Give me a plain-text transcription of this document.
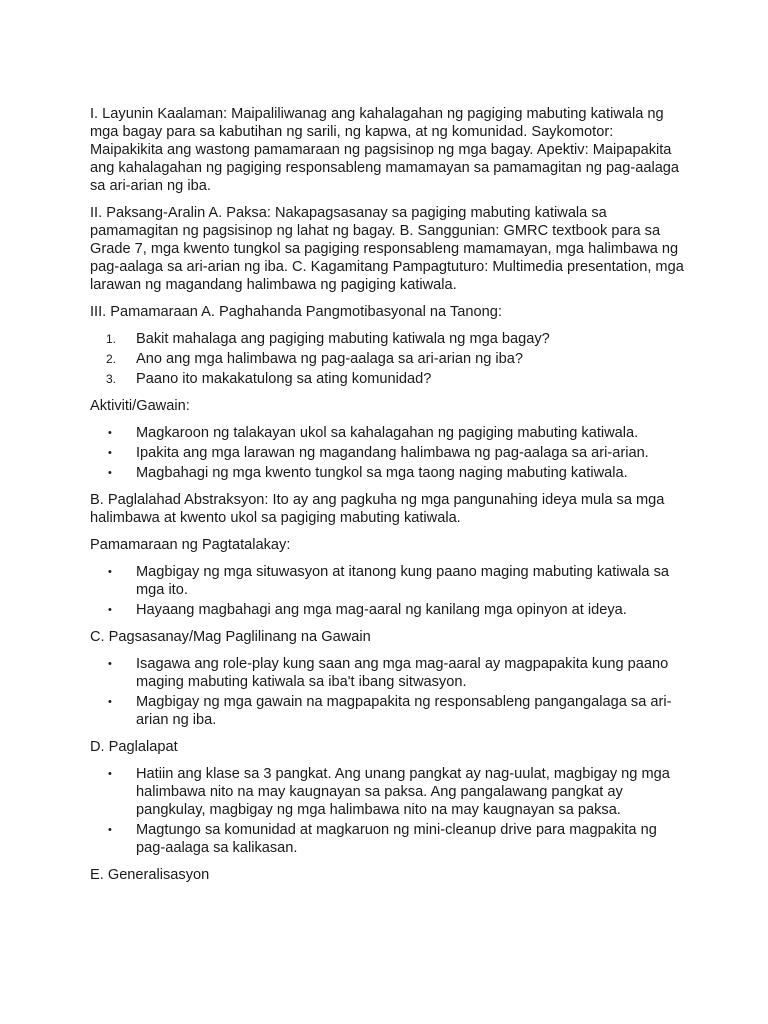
I. Layunin Kaalaman: Maipaliliwanag ang kahalagahan ng pagiging mabuting katiwala ng mga bagay para sa kabutihan ng sarili, ng kapwa, at ng komunidad. Saykomotor: Maipakikita ang wastong pamamaraan ng pagsisinop ng mga bagay. Apektiv: Maipapakita ang kahalagahan ng pagiging responsableng mamamayan sa pamamagitan ng pag-aalaga sa ari-arian ng iba.

II. Paksang-Aralin A. Paksa: Nakapagsasanay sa pagiging mabuting katiwala sa pamamagitan ng pagsisinop ng lahat ng bagay. B. Sanggunian: GMRC textbook para sa Grade 7, mga kwento tungkol sa pagiging responsableng mamamayan, mga halimbawa ng pag-aalaga sa ari-arian ng iba. C. Kagamitang Pampagtuturo: Multimedia presentation, mga larawan ng magandang halimbawa ng pagiging katiwala.

III. Pamamaraan A. Paghahanda Pangmotibasyonal na Tanong:

1. Bakit mahalaga ang pagiging mabuting katiwala ng mga bagay?
2. Ano ang mga halimbawa ng pag-aalaga sa ari-arian ng iba?
3. Paano ito makakatulong sa ating komunidad?

Aktiviti/Gawain:

• Magkaroon ng talakayan ukol sa kahalagahan ng pagiging mabuting katiwala.
• Ipakita ang mga larawan ng magandang halimbawa ng pag-aalaga sa ari-arian.
• Magbahagi ng mga kwento tungkol sa mga taong naging mabuting katiwala.

B. Paglalahad Abstraksyon: Ito ay ang pagkuha ng mga pangunahing ideya mula sa mga halimbawa at kwento ukol sa pagiging mabuting katiwala.

Pamamaraan ng Pagtatalakay:

• Magbigay ng mga situwasyon at itanong kung paano maging mabuting katiwala sa mga ito.
• Hayaang magbahagi ang mga mag-aaral ng kanilang mga opinyon at ideya.

C. Pagsasanay/Mag Paglilinang na Gawain

• Isagawa ang role-play kung saan ang mga mag-aaral ay magpapakita kung paano maging mabuting katiwala sa iba't ibang sitwasyon.
• Magbigay ng mga gawain na magpapakita ng responsableng pangangalaga sa ari-arian ng iba.

D. Paglalapat

• Hatiin ang klase sa 3 pangkat. Ang unang pangkat ay nag-uulat, magbigay ng mga halimbawa nito na may kaugnayan sa paksa. Ang pangalawang pangkat ay pangkulay, magbigay ng mga halimbawa nito na may kaugnayan sa paksa.
• Magtungo sa komunidad at magkaruon ng mini-cleanup drive para magpakita ng pag-aalaga sa kalikasan.

E. Generalisasyon
